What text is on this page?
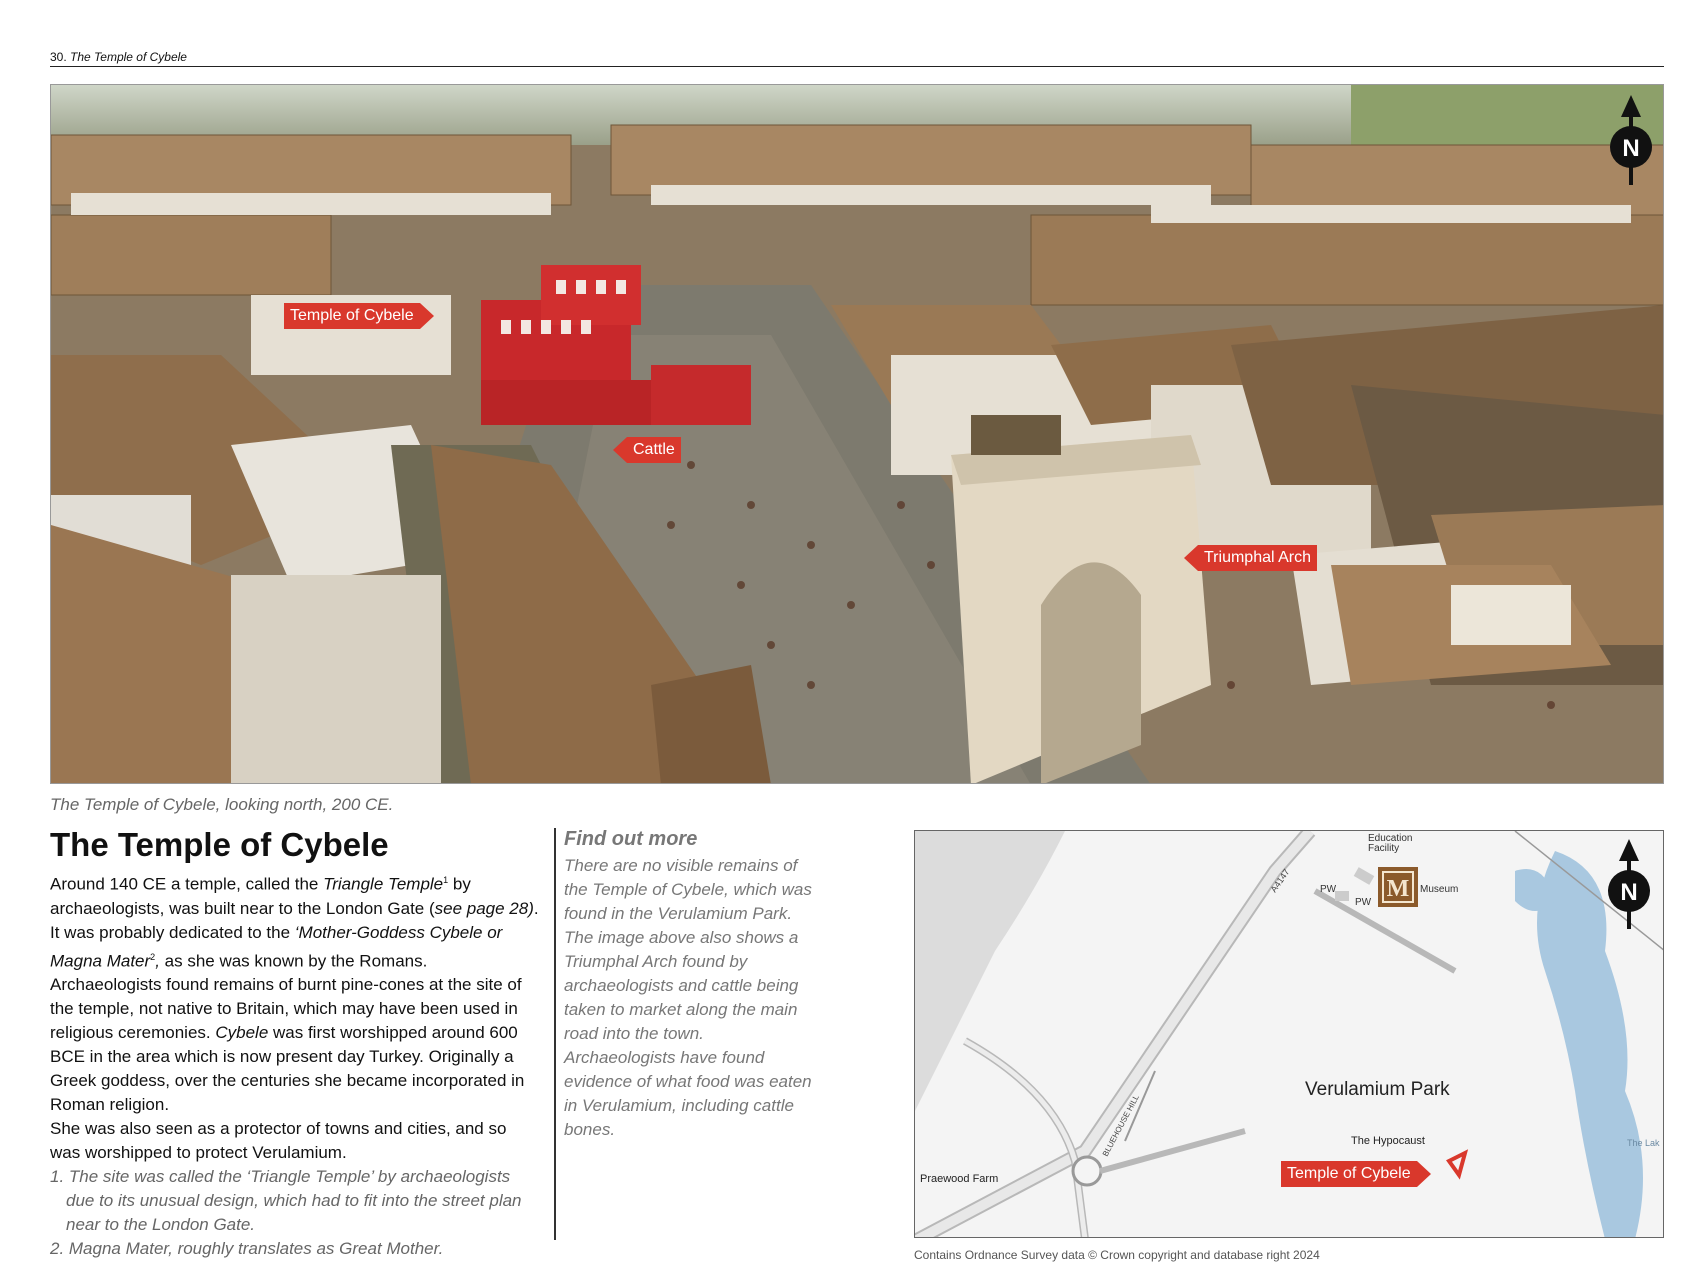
30. The Temple of Cybele
Temple of Cybele
Cattle
Triumphal Arch
N
The Temple of Cybele, looking north, 200 CE.
The Temple of Cybele

Around 140 CE a temple, called the Triangle Temple$^1$ by archaeologists, was built near to the London Gate (see page 28). It was probably dedicated to the ‘Mother-Goddess Cybele or Magna Mater$^2$, as she was known by the Romans. Archaeologists found remains of burnt pine-cones at the site of the temple, not native to Britain, which may have been used in religious ceremonies. Cybele was first worshipped around 600 BCE in the area which is now present day Turkey. Originally a Greek goddess, over the centuries she became incorporated in Roman religion.

She was also seen as a protector of towns and cities, and so was worshipped to protect Verulamium.

1. The site was called the ‘Triangle Temple’ by archaeologists due to its unusual design, which had to fit into the street plan near to the London Gate.
2. Magna Mater, roughly translates as Great Mother.
Find out more

There are no visible remains of the Temple of Cybele, which was found in the Verulamium Park. The image above also shows a Triumphal Arch found by archaeologists and cattle being taken to market along the main road into the town. Archaeologists have found evidence of what food was eaten in Verulamium, including cattle bones.

Education
Facility
PW
PW
Museum
Verulamium Park
The Hypocaust
Praewood Farm
The Lak
A4147
BLUEHOUSE HILL
M
Temple of Cybele
N
Contains Ordnance Survey data © Crown copyright and database right 2024
